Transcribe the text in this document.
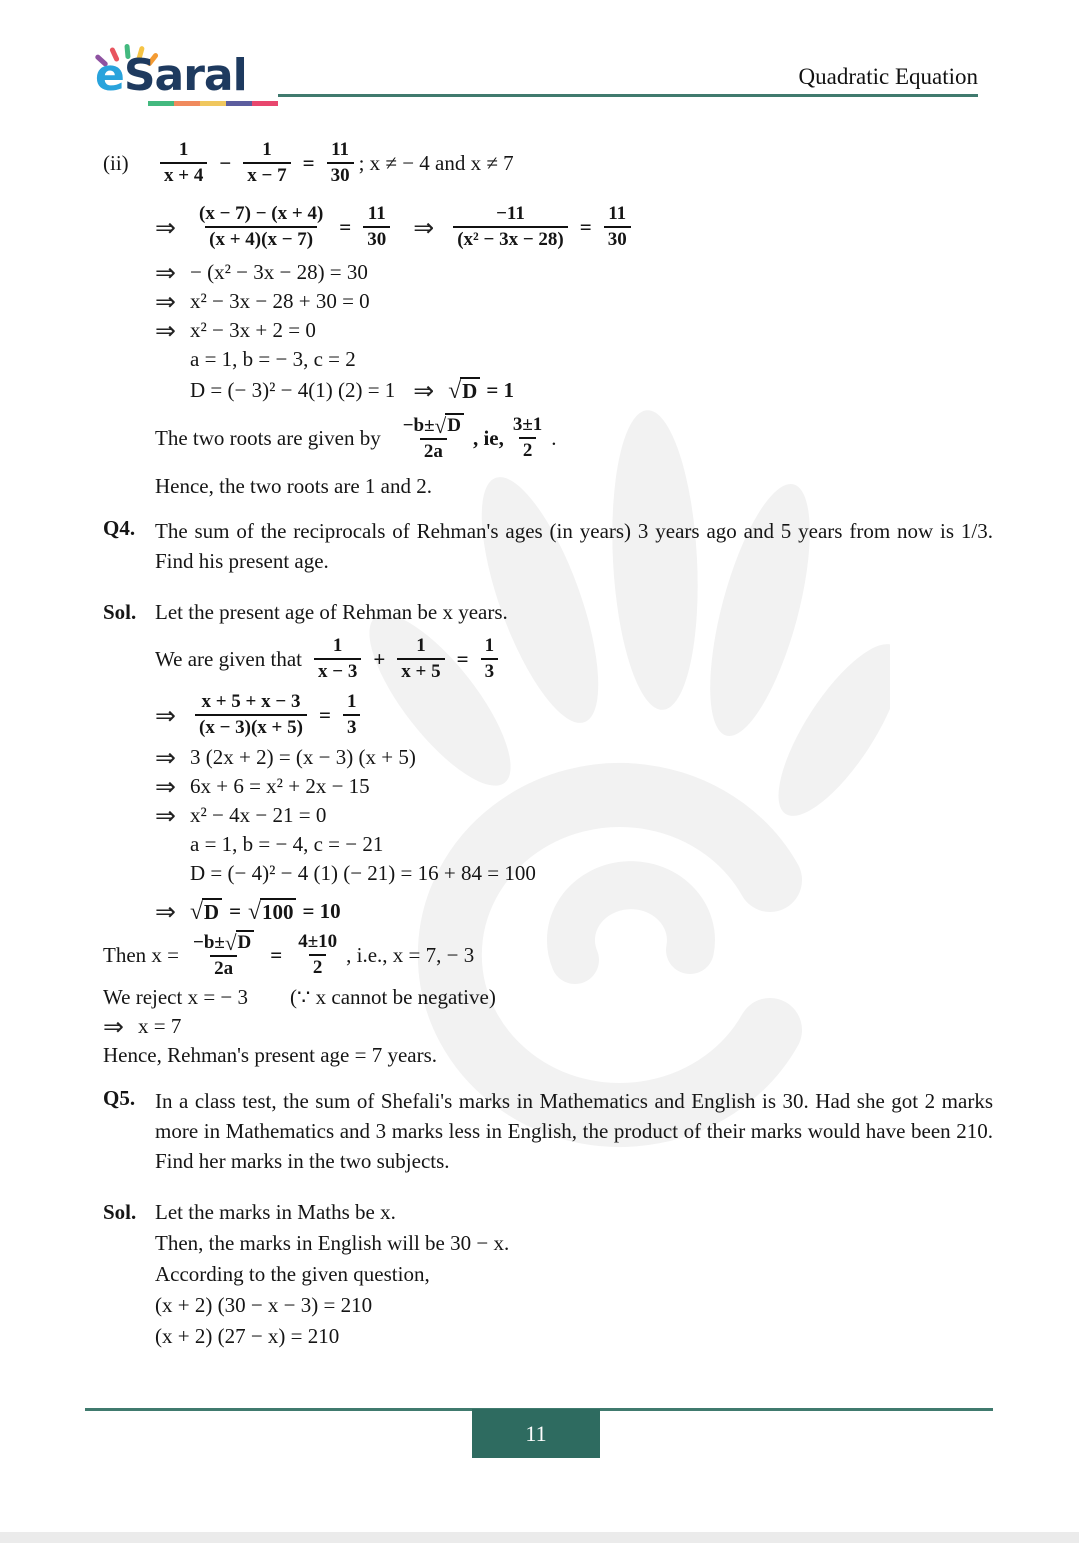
eSaral	Quadratic Equation
(ii)
1
x + 4
− $\frac{1}{x - 7} = \frac{11}{30}$ ; x ≠ − 4 and x ≠ 7
⇒	$\frac{(x - 7) - (x + 4)}{(x + 4)(x - 7)} = \frac{11}{30}$ ⇒ $\frac{-11}{\text{(x² − 3x − 28)}} = \frac{11}{30}$
⇒ − (x² − 3x − 28) = 30
⇒ x² − 3x − 28 + 30 = 0
⇒ x² − 3x + 2 = 0
a = 1, b = − 3, c = 2
D = (− 3)² − 4(1) (2) = 1 ⇒ √ D = 1
The two roots are given by −b± √ D
2a
, ie,
3±1
2
.
Hence, the two roots are 1 and 2.
Q4. The sum of the reciprocals of Rehman's ages (in years) 3 years ago and 5 years from now is 1/3. Find his present age.

Sol. Let the present age of Rehman be x years.
We are given that
1
x − 3
+ $\frac{1}{x + 5} = \frac{1}{3}$
⇒	$\frac{x + 5 + x - 3}{(x - 3)(x + 5)} = \frac{1}{3}$
⇒ 3 (2x + 2) = (x − 3) (x + 5)
⇒ 6x + 6 = x² + 2x − 15
⇒ x² − 4x − 21 = 0
a = 1, b = − 4, c = − 21
D = (− 4)² − 4 (1) (− 21) = 16 + 84 = 100
⇒ √ D = √ 100 = 10
Then $x = \frac{-b\pm √ D}{2a} = \frac{4\pm 10}{2}$ , i.e., x = 7, − 3
We reject x = − 3 (∵ x cannot be negative)
⇒ x = 7
Hence, Rehman's present age = 7 years.
Q5. In a class test, the sum of Shefali's marks in Mathematics and English is 30. Had she got 2 marks more in Mathematics and 3 marks less in English, the product of their marks would have been 210. Find her marks in the two subjects.

Sol. Let the marks in Maths be x.
Then, the marks in English will be 30 − x.
According to the given question,
(x + 2) (30 − x − 3) = 210
(x + 2) (27 − x) = 210
11
